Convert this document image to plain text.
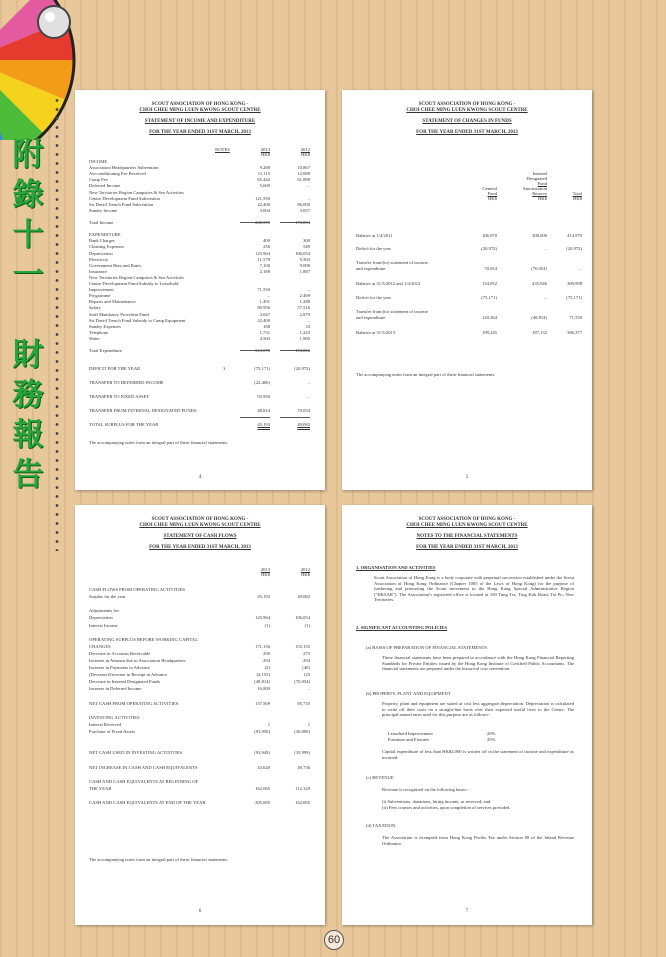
附
錄
十
一
財
務
報
告
SCOUT ASSOCIATION OF HONG KONG -
CHOI CHEE MING LUEN KWONG SCOUT CENTRE
STATEMENT OF INCOME AND EXPENDITURE
FOR THE YEAR ENDED 31ST MARCH, 2013
NOTES	2013	2012
HK$	HK$
INCOME
Association Headquarters Subvention	9,288	10,867
Air-conditioning Fee Received	11,115	12,080
Camp Fee	65,442	61,890
Deferred Income	5,600	–
New Territories Region Campsites & Sea Activities
Centre Development Fund Subvention	121,550	–
Sir David Trench Fund Subvention	22,400	86,000
Sundry Income	3,004	3,057
Total Income	238,399	173,894
EXPENDITURE
Bank Charges	400	300
Cleaning Expenses	256	549
Depreciation	125,964	106,054
Electricity	11,578	9,503
Government Rent and Rates	7,100	9,000
Insurance	2,188	1,887
New Territories Region Campsites & Sea Activities
Centre Development Fund Subsidy to Leasehold
Improvement	71,550	–
Programme	–	2,469
Repairs and Maintenance	1,491	1,288
Salary	80,956	57,516
Staff Mandatory Provident Fund	3,047	2,879
Sir David Trench Fund Subsidy to Camp Equipment	22,400	–
Sundry Expenses	188	33
Telephone	1,731	1,243
Water	4,503	1,905
Total Expenditure	313,570	194,866
DEFICIT FOR THE YEAR	3	(75,171)	(20,972)
TRANSFER TO DEFERRED INCOME	(22,400)	–
TRANSFER TO FIXED ASSET	93,950	–
TRANSFER FROM INTERNAL DESIGNATED FUNDS	48,814	70,054
TOTAL SURPLUS FOR THE YEAR	45,193	49,082
The accompanying notes form an integral part of these financial statements.
4
SCOUT ASSOCIATION OF HONG KONG -
CHOI CHEE MING LUEN KWONG SCOUT CENTRE
STATEMENT OF CHANGES IN FUNDS
FOR THE YEAR ENDED 31ST MARCH, 2013
General
Fund
HK$
Internal
Designated
Fund
Amortization
Reserve
HK$
Total
HK$
Balance at 1/4/2011	106,970	308,000	414,970
Deficit for the year	(20,972)	–	(20,972)
Transfer from/(to) statement of income
and expenditure	70,054	(70,054)	–
Balance at 31/3/2012 and 1/4/2012	154,052	235,946	389,998
Deficit for the year	(75,171)	–	(75,171)
Transfer from/(to) statement of income
and expenditure	120,364	(48,814)	71,550
Balance at 31/3/2013	199,245	187,132	386,377
The accompanying notes form an integral part of these financial statements.
5
SCOUT ASSOCIATION OF HONG KONG -
CHOI CHEE MING LUEN KWONG SCOUT CENTRE
STATEMENT OF CASH FLOWS
FOR THE YEAR ENDED 31ST MARCH, 2013
2013	2012
HK$	HK$
CASH FLOWS FROM OPERATING ACTIVITIES
Surplus for the year	45,193	49,082
Adjustments for:
Depreciation	125,964	106,054
Interest Income	(1)	(1)
OPERATING SURPLUS BEFORE WORKING CAPITAL
CHANGES	171,156	155,135
Decrease in Accounts Receivable	290	275
Increase in Amount due to Association Headquarters	294	294
Increase in Payments in Advance	(2)	(40)
(Decrease)/Increase in Receipt in Advance	(2,155)	125
Decrease in Internal Designated Funds	(48,814)	(70,054)
Increase in Deferred Income	16,800	–
NET CASH FROM OPERATING ACTIVITIES	137,569	85,735
INVESTING ACTIVITIES
Interest Received	1	1
Purchase of Fixed Assets	(93,950)	(36,000)
NET CASH USED IN INVESTING ACTIVITIES	(93,949)	(35,999)
NET INCREASE IN CASH AND CASH EQUIVALENTS	43,620	49,736
CASH AND CASH EQUIVALENTS AT BEGINNING OF
THE YEAR	162,065	112,329
CASH AND CASH EQUIVALENTS AT END OF THE YEAR	205,685	162,065
The accompanying notes form an integral part of these financial statements.
6
SCOUT ASSOCIATION OF HONG KONG -
CHOI CHEE MING LUEN KWONG SCOUT CENTRE
NOTES TO THE FINANCIAL STATEMENTS
FOR THE YEAR ENDED 31ST MARCH, 2013
1. ORGANISATION AND ACTIVITIES
Scout Association of Hong Kong is a body corporate with perpetual succession established under the Scout Association of Hong Kong Ordinance (Chapter 1005 of the Laws of Hong Kong) for the purpose of furthering and promoting the Scout movement in the Hong Kong Special Administrative Region ("HKSAR"). The Association's registered office is located at 100 Tung Tsz, Ting Kok Road, Tai Po, New Territories.
2. SIGNIFICANT ACCOUNTING POLICIES
(a) BASIS OF PREPARATION OF FINANCIAL STATEMENTS
These financial statements have been prepared in accordance with the Hong Kong Financial Reporting Standards for Private Entities issued by the Hong Kong Institute of Certified Public Accountants. The financial statements are prepared under the historical cost convention.
(b) PROPERTY, PLANT AND EQUIPMENT
Property, plant and equipment are stated at cost less aggregate depreciation. Depreciation is calculated to write off their costs on a straight-line basis over their expected useful lives to the Centre. The principal annual rates used for this purpose are as follows:-
Leasehold Improvement	20%
Furniture and Fixtures	25%
Capital expenditure of less than HK$2,000 is written off in the statement of income and expenditure as incurred.
(c) REVENUE
Revenue is recognised on the following bases:-
(i) Subventions, donations, hiring income, as received; and
(ii) Fees courses and activities, upon completion of services provided.
(d) TAXATION
The Association is exempted from Hong Kong Profits Tax under Section 88 of the Inland Revenue Ordinance.
7
60
